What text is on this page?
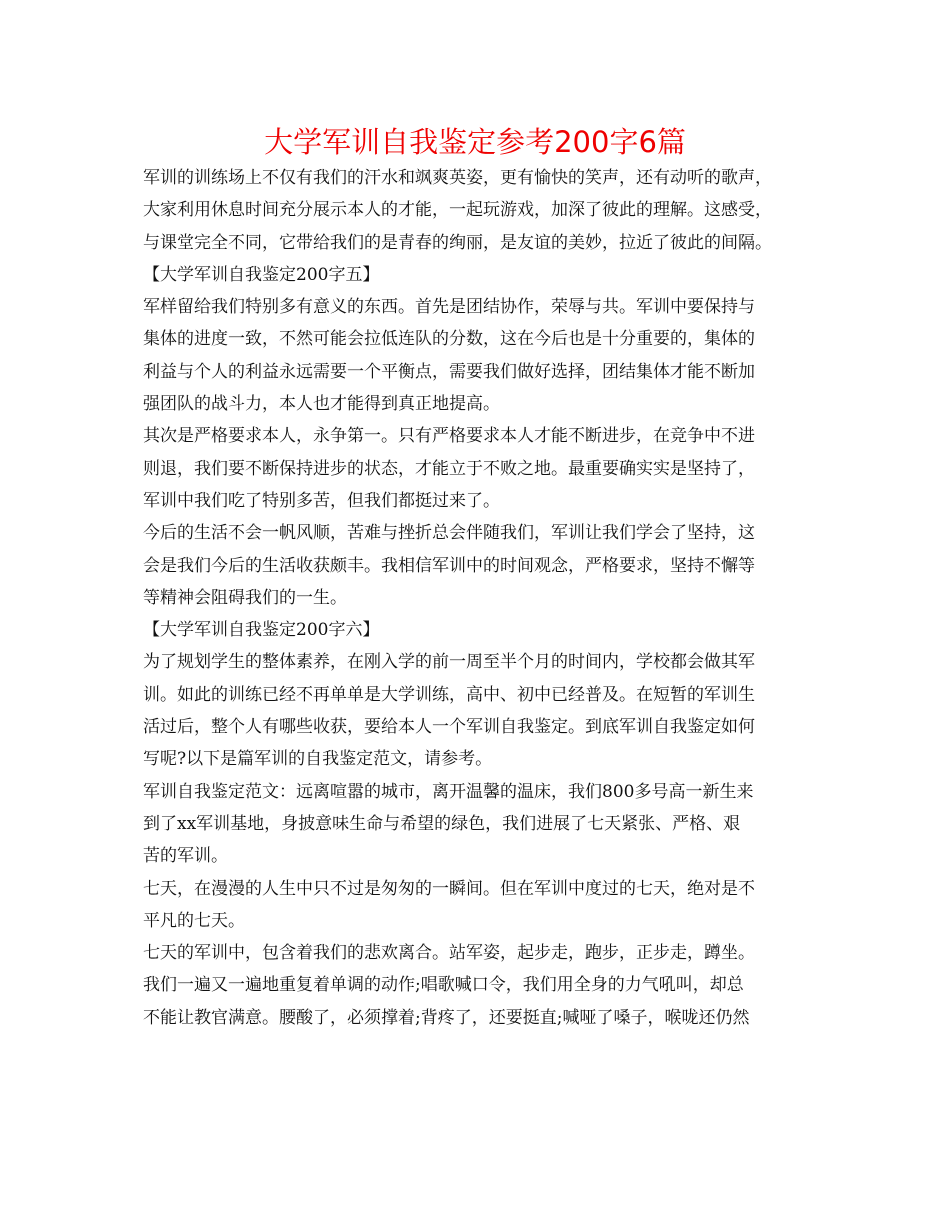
大学军训自我鉴定参考200字6篇
军训的训练场上不仅有我们的汗水和飒爽英姿，更有愉快的笑声，还有动听的歌声，
大家利用休息时间充分展示本人的才能，一起玩游戏，加深了彼此的理解。这感受，
与课堂完全不同，它带给我们的是青春的绚丽，是友谊的美妙，拉近了彼此的间隔。
【大学军训自我鉴定200字五】
军样留给我们特别多有意义的东西。首先是团结协作，荣辱与共。军训中要保持与
集体的进度一致，不然可能会拉低连队的分数，这在今后也是十分重要的，集体的
利益与个人的利益永远需要一个平衡点，需要我们做好选择，团结集体才能不断加
强团队的战斗力，本人也才能得到真正地提高。
其次是严格要求本人，永争第一。只有严格要求本人才能不断进步，在竞争中不进
则退，我们要不断保持进步的状态，才能立于不败之地。最重要确实实是坚持了，
军训中我们吃了特别多苦，但我们都挺过来了。
今后的生活不会一帆风顺，苦难与挫折总会伴随我们，军训让我们学会了坚持，这
会是我们今后的生活收获颇丰。我相信军训中的时间观念，严格要求，坚持不懈等
等精神会阻碍我们的一生。
【大学军训自我鉴定200字六】
为了规划学生的整体素养，在刚入学的前一周至半个月的时间内，学校都会做其军
训。如此的训练已经不再单单是大学训练，高中、初中已经普及。在短暂的军训生
活过后，整个人有哪些收获，要给本人一个军训自我鉴定。到底军训自我鉴定如何
写呢?以下是篇军训的自我鉴定范文，请参考。
军训自我鉴定范文：远离喧嚣的城市，离开温馨的温床，我们800多号高一新生来
到了xx军训基地，身披意味生命与希望的绿色，我们进展了七天紧张、严格、艰
苦的军训。
七天，在漫漫的人生中只不过是匆匆的一瞬间。但在军训中度过的七天，绝对是不
平凡的七天。
七天的军训中，包含着我们的悲欢离合。站军姿，起步走，跑步，正步走，蹲坐。
我们一遍又一遍地重复着单调的动作;唱歌喊口令，我们用全身的力气吼叫，却总
不能让教官满意。腰酸了，必须撑着;背疼了，还要挺直;喊哑了嗓子，喉咙还仍然
